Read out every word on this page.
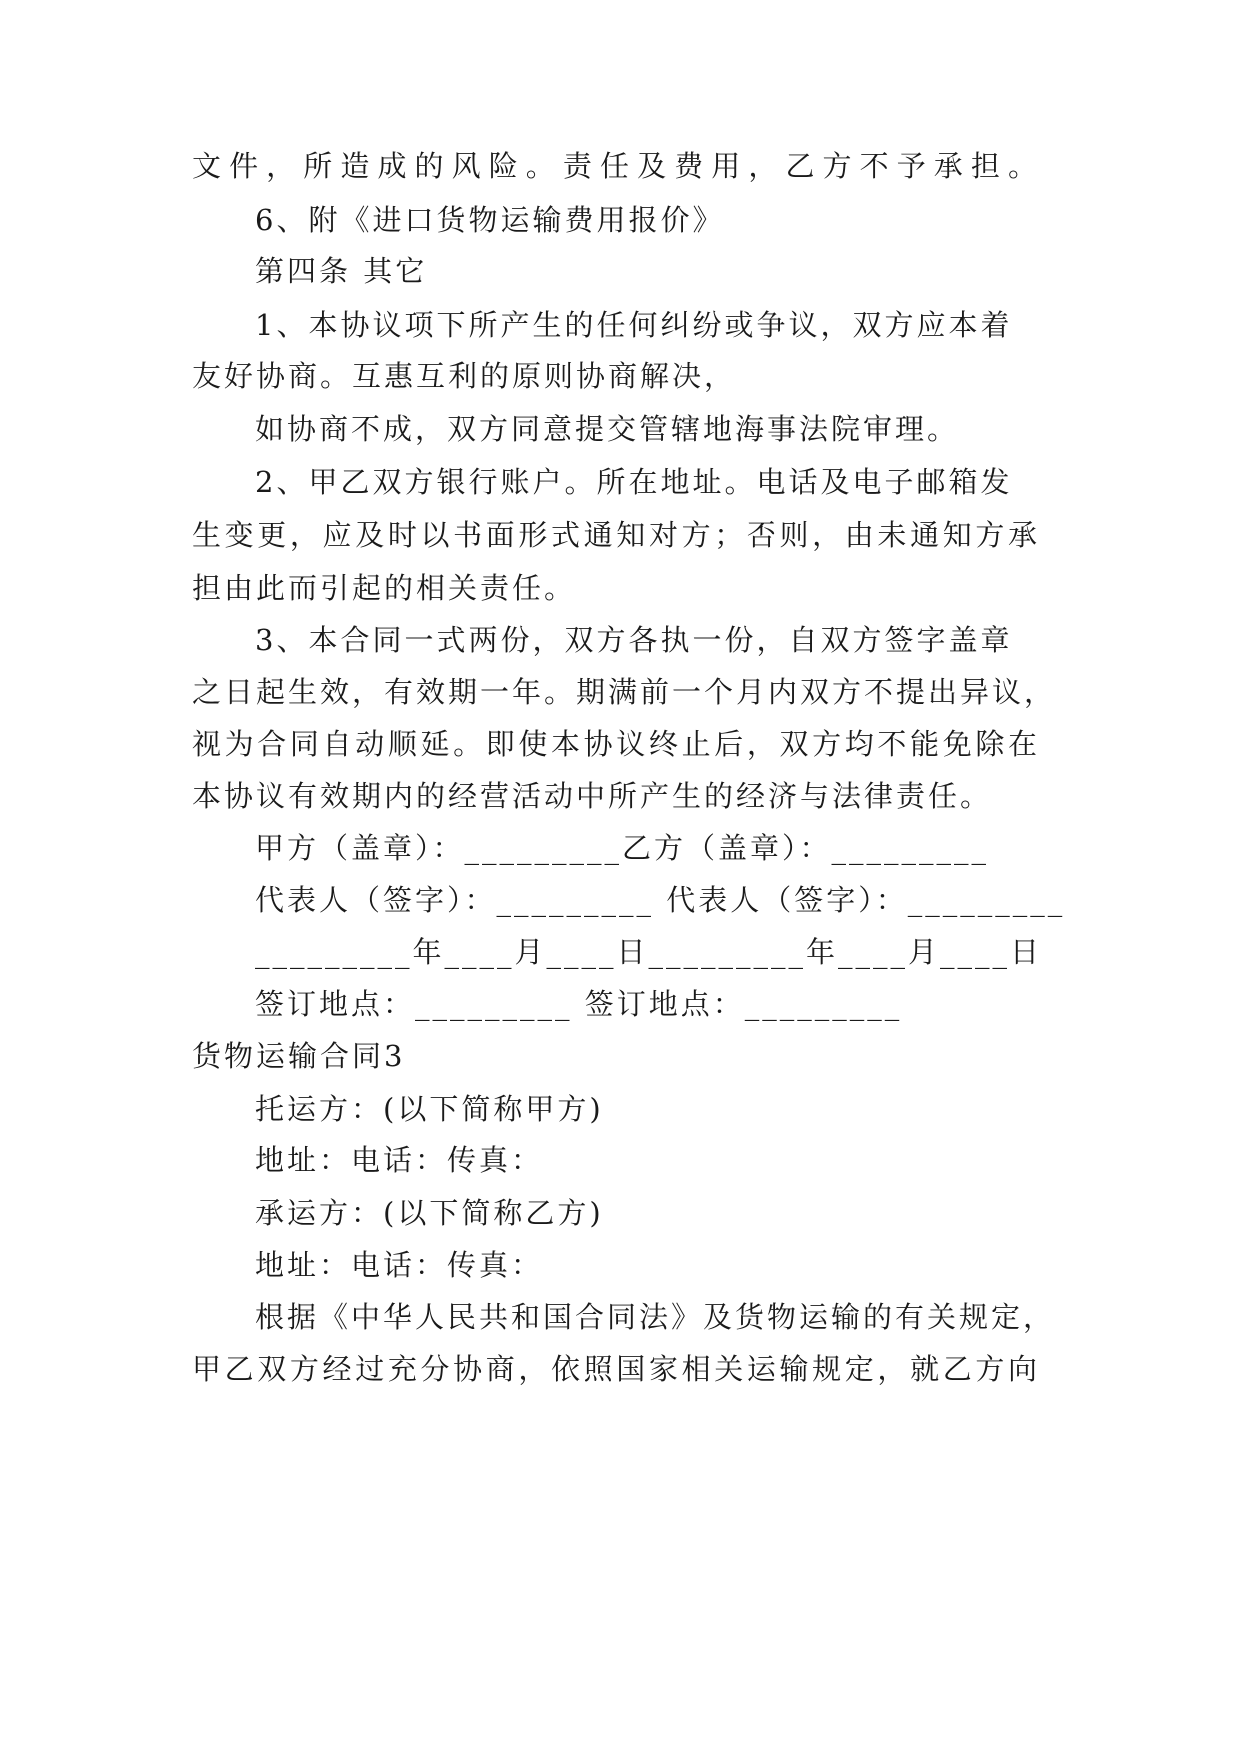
文件，所造成的风险。责任及费用，乙方不予承担。
6、附《进口货物运输费用报价》
第四条 其它
1、本协议项下所产生的任何纠纷或争议，双方应本着
友好协商。互惠互利的原则协商解决，
如协商不成，双方同意提交管辖地海事法院审理。
2、甲乙双方银行账户。所在地址。电话及电子邮箱发
生变更，应及时以书面形式通知对方；否则，由未通知方承
担由此而引起的相关责任。
3、本合同一式两份，双方各执一份，自双方签字盖章
之日起生效，有效期一年。期满前一个月内双方不提出异议，
视为合同自动顺延。即使本协议终止后，双方均不能免除在
本协议有效期内的经营活动中所产生的经济与法律责任。
甲方（盖章）：_________乙方（盖章）：_________
代表人（签字）：_________ 代表人（签字）：_________
_________年____月____日_________年____月____日
签订地点：_________ 签订地点：_________
货物运输合同3
托运方：(以下简称甲方)
地址：电话：传真：
承运方：(以下简称乙方)
地址：电话：传真：
根据《中华人民共和国合同法》及货物运输的有关规定，
甲乙双方经过充分协商，依照国家相关运输规定，就乙方向
